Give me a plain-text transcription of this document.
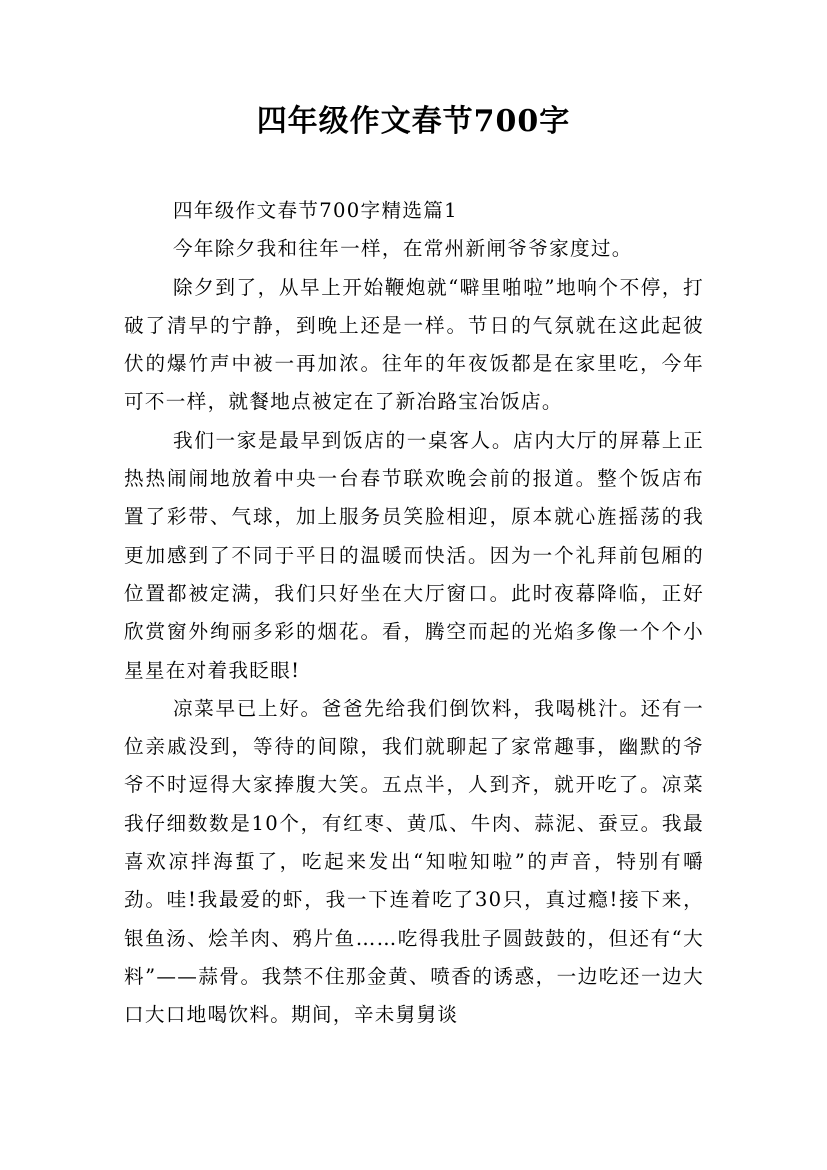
四年级作文春节700字

四年级作文春节700字精选篇1

今年除夕我和往年一样，在常州新闸爷爷家度过。

除夕到了，从早上开始鞭炮就“噼里啪啦”地响个不停，打破了清早的宁静，到晚上还是一样。节日的气氛就在这此起彼伏的爆竹声中被一再加浓。往年的年夜饭都是在家里吃，今年可不一样，就餐地点被定在了新冶路宝冶饭店。

我们一家是最早到饭店的一桌客人。店内大厅的屏幕上正热热闹闹地放着中央一台春节联欢晚会前的报道。整个饭店布置了彩带、气球，加上服务员笑脸相迎，原本就心旌摇荡的我更加感到了不同于平日的温暖而快活。因为一个礼拜前包厢的位置都被定满，我们只好坐在大厅窗口。此时夜幕降临，正好欣赏窗外绚丽多彩的烟花。看，腾空而起的光焰多像一个个小星星在对着我眨眼!

凉菜早已上好。爸爸先给我们倒饮料，我喝桃汁。还有一位亲戚没到，等待的间隙，我们就聊起了家常趣事，幽默的爷爷不时逗得大家捧腹大笑。五点半，人到齐，就开吃了。凉菜我仔细数数是10个，有红枣、黄瓜、牛肉、蒜泥、蚕豆。我最喜欢凉拌海蜇了，吃起来发出“知啦知啦”的声音，特别有嚼劲。哇!我最爱的虾，我一下连着吃了30只，真过瘾!接下来，银鱼汤、烩羊肉、鸦片鱼……吃得我肚子圆鼓鼓的，但还有“大料”——蒜骨。我禁不住那金黄、喷香的诱惑，一边吃还一边大口大口地喝饮料。期间，辛未舅舅谈
